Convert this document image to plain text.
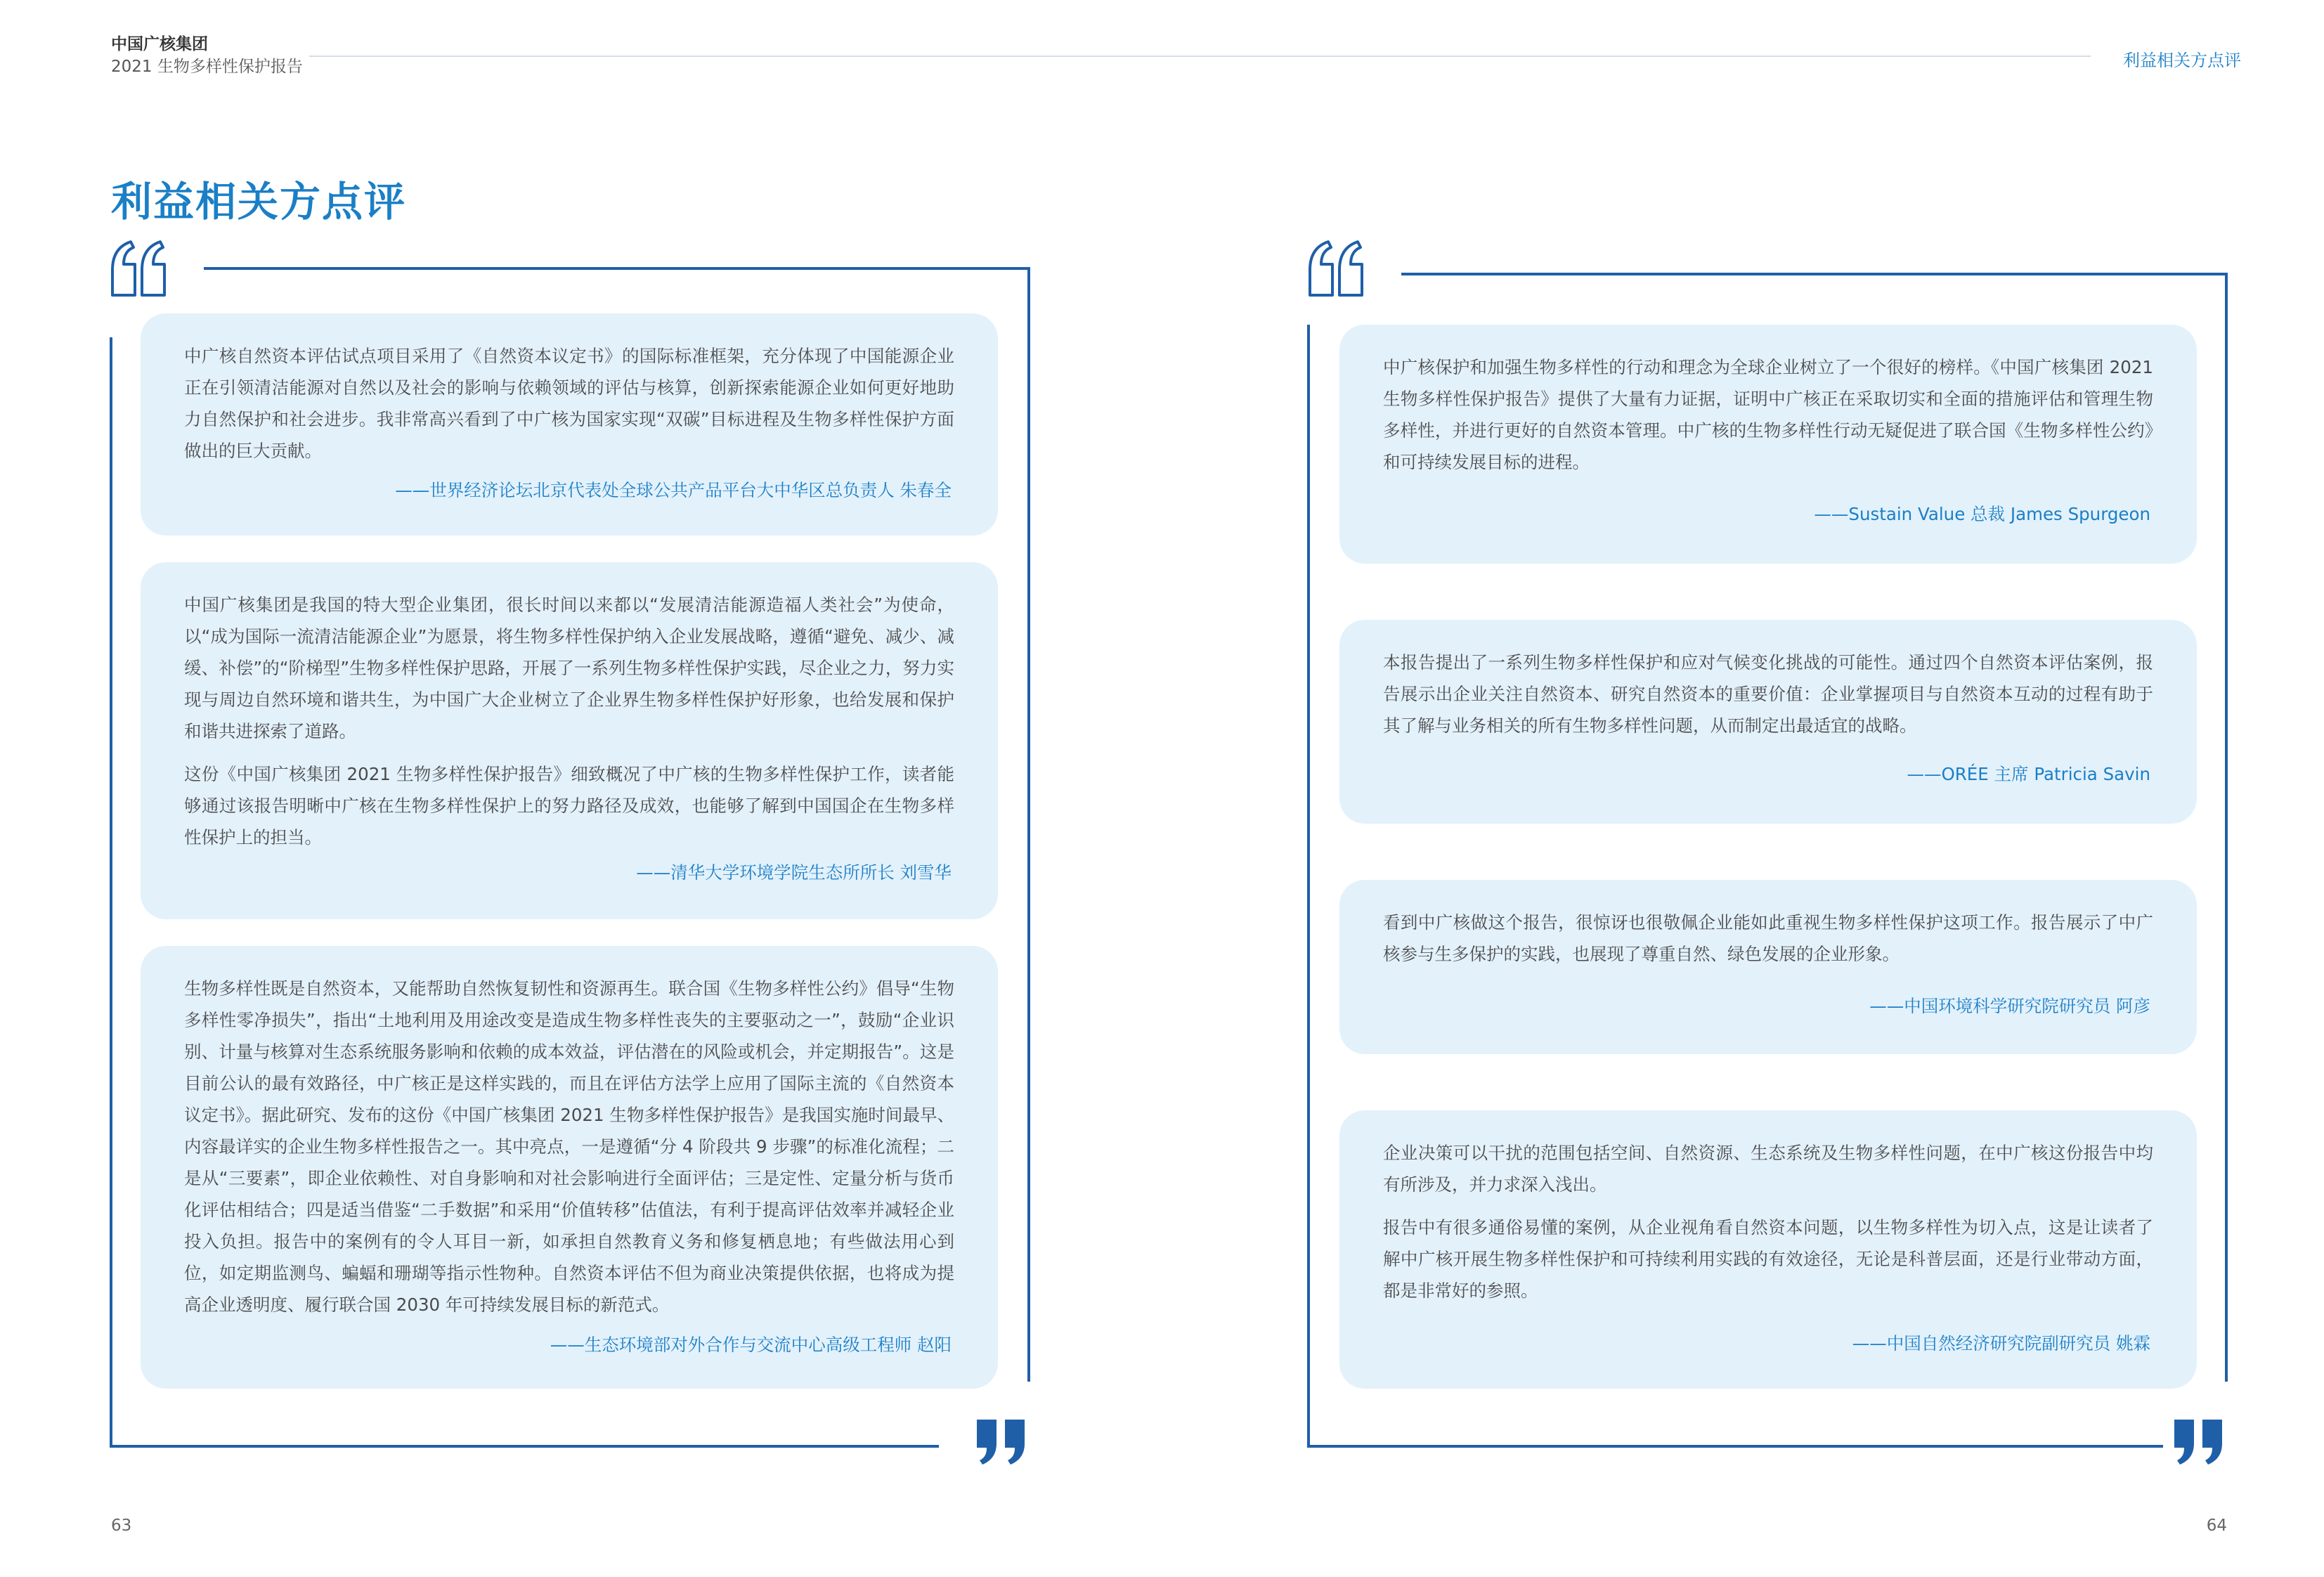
中国广核集团
2021 生物多样性保护报告	利益相关方点评
利益相关方点评

中广核自然资本评估试点项目采用了《自然资本议定书》的国际标准框架，充分体现了中国能源企业正在引领清洁能源对自然以及社会的影响与依赖领域的评估与核算，创新探索能源企业如何更好地助力自然保护和社会进步。我非常高兴看到了中广核为国家实现“双碳”目标进程及生物多样性保护方面做出的巨大贡献。

——世界经济论坛北京代表处全球公共产品平台大中华区总负责人 朱春全

中国广核集团是我国的特大型企业集团，很长时间以来都以“发展清洁能源造福人类社会”为使命，以“成为国际一流清洁能源企业”为愿景，将生物多样性保护纳入企业发展战略，遵循“避免、减少、减缓、补偿”的“阶梯型”生物多样性保护思路，开展了一系列生物多样性保护实践，尽企业之力，努力实现与周边自然环境和谐共生，为中国广大企业树立了企业界生物多样性保护好形象，也给发展和保护和谐共进探索了道路。

这份《中国广核集团 2021 生物多样性保护报告》细致概况了中广核的生物多样性保护工作，读者能够通过该报告明晰中广核在生物多样性保护上的努力路径及成效，也能够了解到中国国企在生物多样性保护上的担当。

——清华大学环境学院生态所所长 刘雪华

生物多样性既是自然资本，又能帮助自然恢复韧性和资源再生。联合国《生物多样性公约》倡导“生物多样性零净损失”，指出“土地利用及用途改变是造成生物多样性丧失的主要驱动之一”，鼓励“企业识别、计量与核算对生态系统服务影响和依赖的成本效益，评估潜在的风险或机会，并定期报告”。这是目前公认的最有效路径，中广核正是这样实践的，而且在评估方法学上应用了国际主流的《自然资本议定书》。据此研究、发布的这份《中国广核集团 2021 生物多样性保护报告》是我国实施时间最早、内容最详实的企业生物多样性报告之一。其中亮点，一是遵循“分 4 阶段共 9 步骤”的标准化流程；二是从“三要素”，即企业依赖性、对自身影响和对社会影响进行全面评估；三是定性、定量分析与货币化评估相结合；四是适当借鉴“二手数据”和采用“价值转移”估值法，有利于提高评估效率并减轻企业投入负担。报告中的案例有的令人耳目一新，如承担自然教育义务和修复栖息地；有些做法用心到位，如定期监测鸟、蝙蝠和珊瑚等指示性物种。自然资本评估不但为商业决策提供依据，也将成为提高企业透明度、履行联合国 2030 年可持续发展目标的新范式。

——生态环境部对外合作与交流中心高级工程师 赵阳

中广核保护和加强生物多样性的行动和理念为全球企业树立了一个很好的榜样。《中国广核集团 2021 生物多样性保护报告》提供了大量有力证据，证明中广核正在采取切实和全面的措施评估和管理生物多样性，并进行更好的自然资本管理。中广核的生物多样性行动无疑促进了联合国《生物多样性公约》和可持续发展目标的进程。

——Sustain Value 总裁 James Spurgeon

本报告提出了一系列生物多样性保护和应对气候变化挑战的可能性。通过四个自然资本评估案例，报告展示出企业关注自然资本、研究自然资本的重要价值：企业掌握项目与自然资本互动的过程有助于其了解与业务相关的所有生物多样性问题，从而制定出最适宜的战略。

——ORÉE 主席 Patricia Savin

看到中广核做这个报告，很惊讶也很敬佩企业能如此重视生物多样性保护这项工作。报告展示了中广核参与生多保护的实践，也展现了尊重自然、绿色发展的企业形象。

——中国环境科学研究院研究员 阿彦

企业决策可以干扰的范围包括空间、自然资源、生态系统及生物多样性问题，在中广核这份报告中均有所涉及，并力求深入浅出。

报告中有很多通俗易懂的案例，从企业视角看自然资本问题，以生物多样性为切入点，这是让读者了解中广核开展生物多样性保护和可持续利用实践的有效途径，无论是科普层面，还是行业带动方面，都是非常好的参照。

——中国自然经济研究院副研究员 姚霖
63	64
